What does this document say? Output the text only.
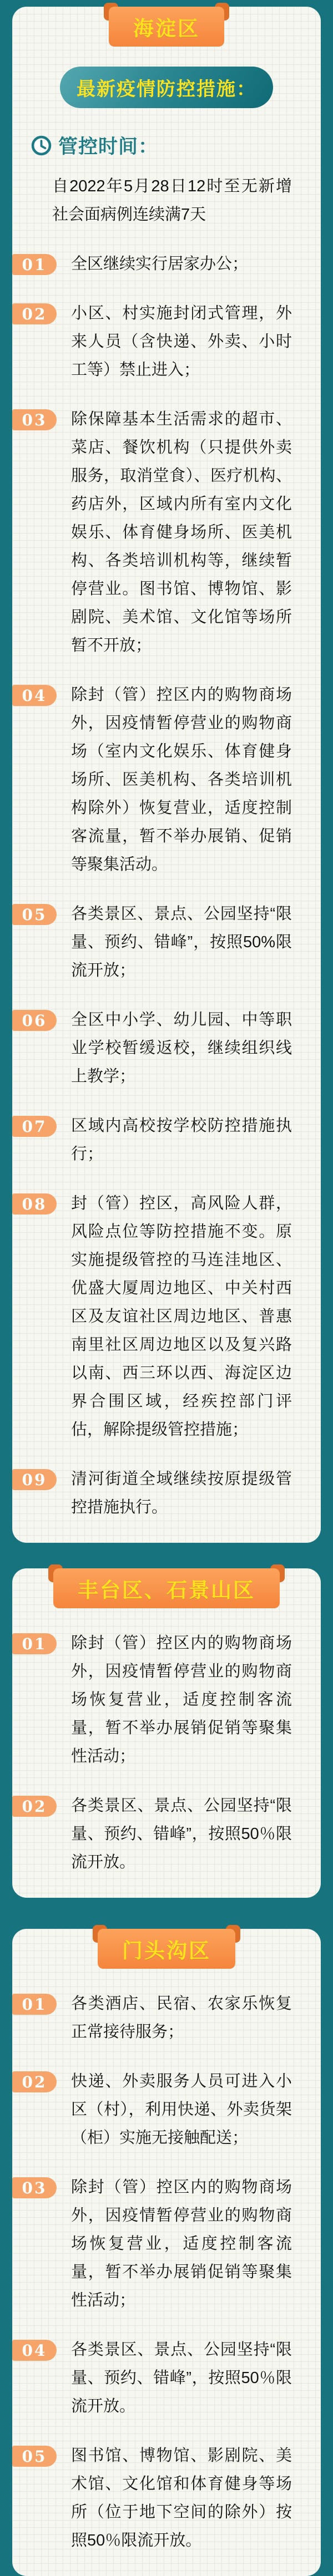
海淀区
最新疫情防控措施：
管控时间：

自2022年5月28日12时至无新增社会面病例连续满7天

01	全区继续实行居家办公；

02	小区、村实施封闭式管理，外来人员（含快递、外卖、小时工等）禁止进入；

03	除保障基本生活需求的超市、菜店、餐饮机构（只提供外卖服务，取消堂食）、医疗机构、药店外，区域内所有室内文化娱乐、体育健身场所、医美机构、各类培训机构等，继续暂停营业。图书馆、博物馆、影剧院、美术馆、文化馆等场所暂不开放；

04	除封（管）控区内的购物商场外，因疫情暂停营业的购物商场（室内文化娱乐、体育健身场所、医美机构、各类培训机构除外）恢复营业，适度控制客流量，暂不举办展销、促销等聚集活动。

05	各类景区、景点、公园坚持“限量、预约、错峰”，按照50%限流开放；

06	全区中小学、幼儿园、中等职业学校暂缓返校，继续组织线上教学；

07	区域内高校按学校防控措施执行；

08	封（管）控区，高风险人群，风险点位等防控措施不变。原实施提级管控的马连洼地区、优盛大厦周边地区、中关村西区及友谊社区周边地区、普惠南里社区周边地区以及复兴路以南、西三环以西、海淀区边界合围区域，经疾控部门评估，解除提级管控措施；

09	清河街道全域继续按原提级管控措施执行。

丰台区、石景山区
01	除封（管）控区内的购物商场外，因疫情暂停营业的购物商场恢复营业，适度控制客流量，暂不举办展销促销等聚集性活动；

02	各类景区、景点、公园坚持“限量、预约、错峰”，按照50％限流开放。

门头沟区
01	各类酒店、民宿、农家乐恢复正常接待服务；

02	快递、外卖服务人员可进入小区（村），利用快递、外卖货架（柜）实施无接触配送；

03	除封（管）控区内的购物商场外，因疫情暂停营业的购物商场恢复营业，适度控制客流量，暂不举办展销促销等聚集性活动；

04	各类景区、景点、公园坚持“限量、预约、错峰”，按照50％限流开放。

05	图书馆、博物馆、影剧院、美术馆、文化馆和体育健身等场所（位于地下空间的除外）按照50％限流开放。
